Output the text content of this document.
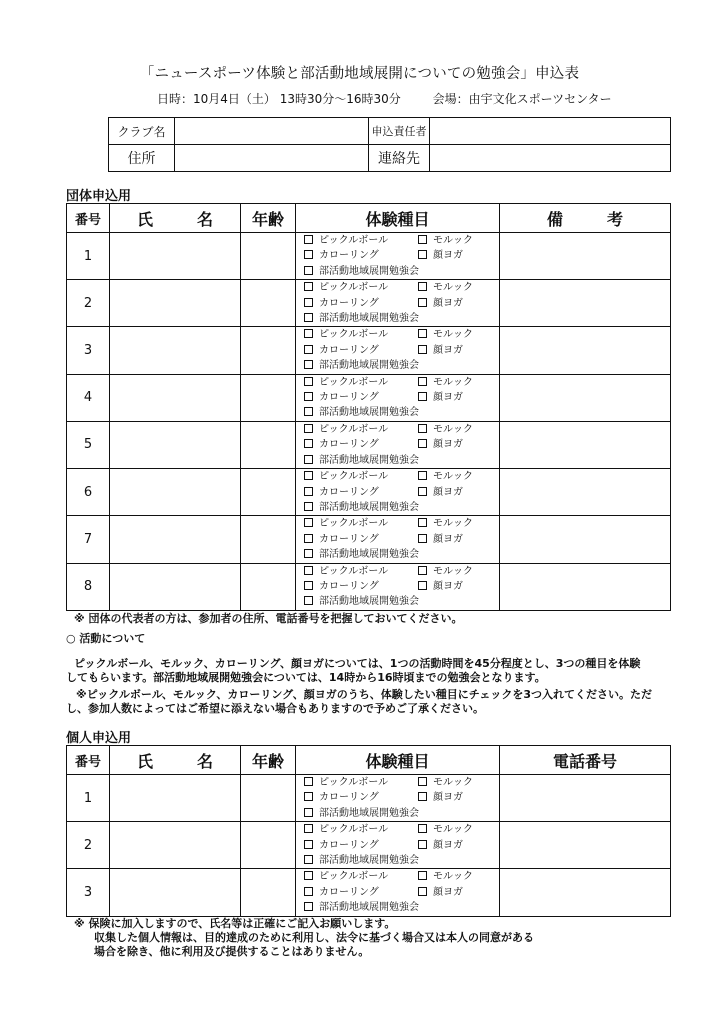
「ニュースポーツ体験と部活動地域展開についての勉強会」申込表
日時：10月4日（土） 13時30分～16時30分	会場：由宇文化スポーツセンター
クラブ名		申込責任者	
住所		連絡先	
団体申込用
番号	氏　名	年齢	体験種目	備　考
1			ピックルボール モルック
カローリング 顔ヨガ
部活動地域展開勉強会	

2			ピックルボール モルック
カローリング 顔ヨガ
部活動地域展開勉強会	

3			ピックルボール モルック
カローリング 顔ヨガ
部活動地域展開勉強会	

4			ピックルボール モルック
カローリング 顔ヨガ
部活動地域展開勉強会	

5			ピックルボール モルック
カローリング 顔ヨガ
部活動地域展開勉強会	

6			ピックルボール モルック
カローリング 顔ヨガ
部活動地域展開勉強会	

7			ピックルボール モルック
カローリング 顔ヨガ
部活動地域展開勉強会	

8			ピックルボール モルック
カローリング 顔ヨガ
部活動地域展開勉強会	

※ 団体の代表者の方は、参加者の住所、電話番号を把握しておいてください。
○ 活動について
ピックルボール、モルック、カローリング、顔ヨガについては、1つの活動時間を45分程度とし、3つの種目を体験
してもらいます。部活動地域展開勉強会については、14時から16時頃までの勉強会となります。
※ピックルボール、モルック、カローリング、顔ヨガのうち、体験したい種目にチェックを3つ入れてください。ただ
し、参加人数によってはご希望に添えない場合もありますので予めご了承ください。
個人申込用
番号	氏　名	年齢	体験種目	電話番号
1			ピックルボール モルック
カローリング 顔ヨガ
部活動地域展開勉強会	

2			ピックルボール モルック
カローリング 顔ヨガ
部活動地域展開勉強会	

3			ピックルボール モルック
カローリング 顔ヨガ
部活動地域展開勉強会	

※ 保険に加入しますので、氏名等は正確にご記入お願いします。
収集した個人情報は、目的達成のために利用し、法令に基づく場合又は本人の同意がある
場合を除き、他に利用及び提供することはありません。
